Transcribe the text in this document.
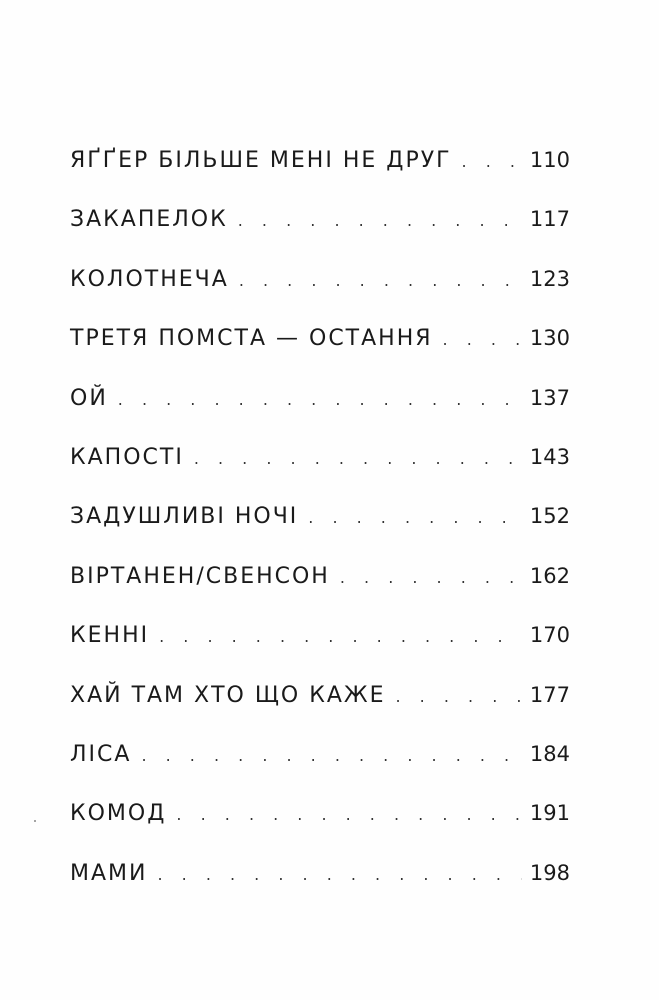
ЯҐҐЕР БІЛЬШЕ МЕНІ НЕ ДРУГ . . .	110
ЗАКАПЕЛОК . . .	117
КОЛОТНЕЧА . . .	123
ТРЕТЯ ПОМСТА — ОСТАННЯ . . .	130
ОЙ . . .	137
КАПОСТІ . . .	143
ЗАДУШЛИВІ НОЧІ . . .	152
ВІРТАНЕН/СВЕНСОН . . .	162
КЕННІ . . .	170
ХАЙ ТАМ ХТО ЩО КАЖЕ . . .	177
ЛІСА . . .	184
КОМОД . . .	191
МАМИ . . .	198
